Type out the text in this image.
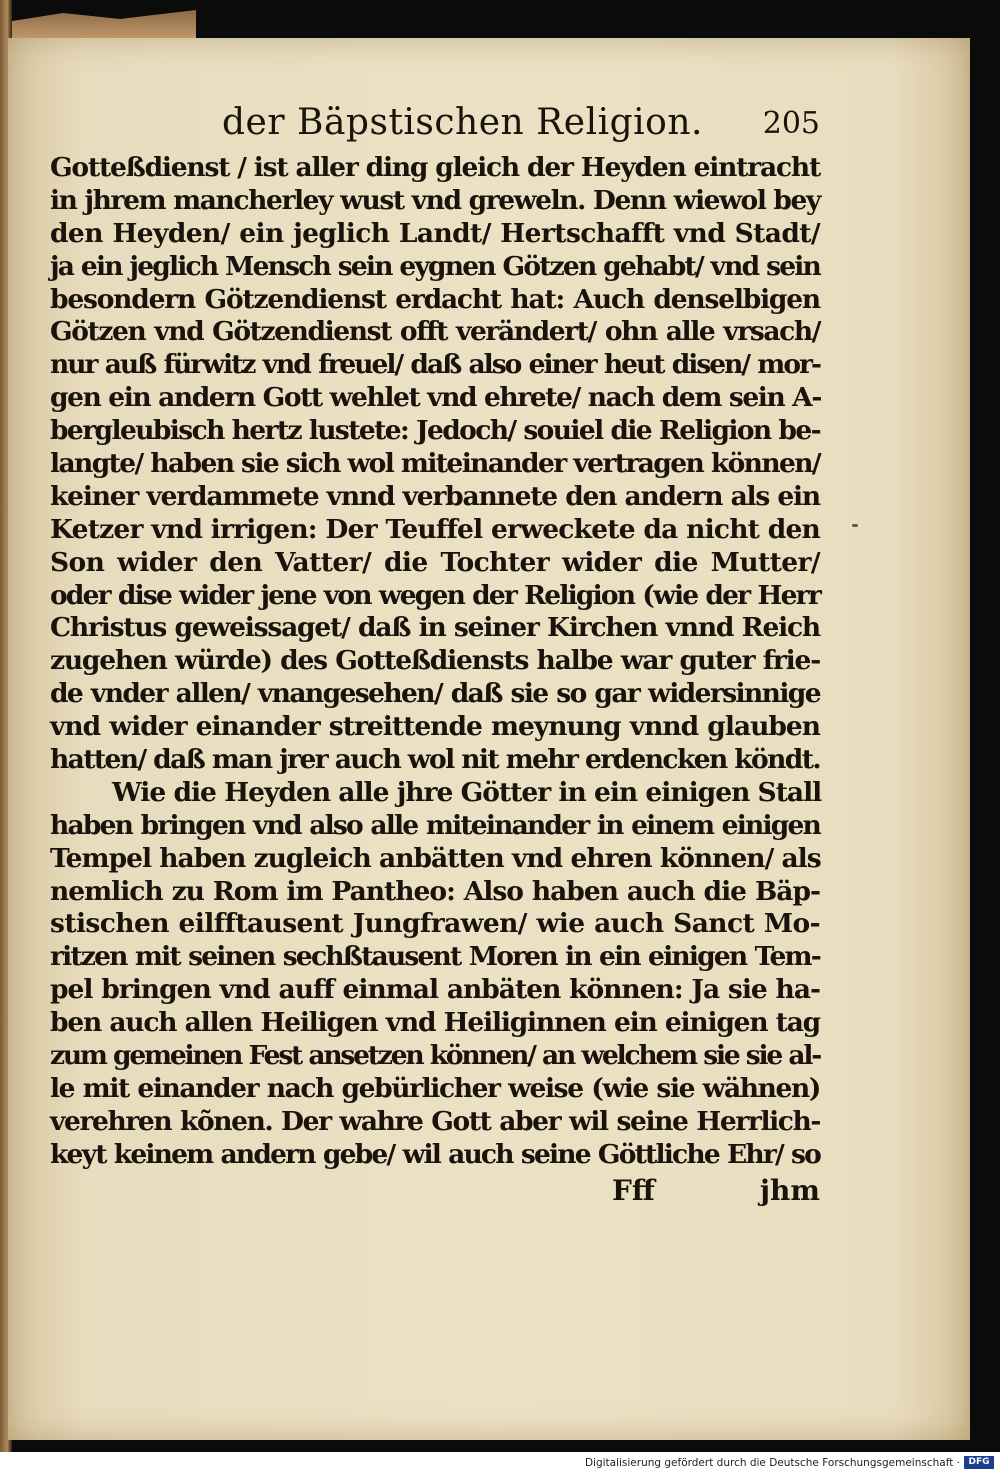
der Bäpstischen Religion. 205
Gotteßdienst / ist aller ding gleich der Heyden eintracht
in jhrem mancherley wust vnd greweln. Denn wiewol bey
den Heyden/ ein jeglich Landt/ Hertschafft vnd Stadt/
ja ein jeglich Mensch sein eygnen Götzen gehabt/ vnd sein
besondern Götzendienst erdacht hat: Auch denselbigen
Götzen vnd Götzendienst offt verändert/ ohn alle vrsach/
nur auß fürwitz vnd freuel/ daß also einer heut disen/ mor-
gen ein andern Gott wehlet vnd ehrete/ nach dem sein A-
bergleubisch hertz lustete: Jedoch/ souiel die Religion be-
langte/ haben sie sich wol miteinander vertragen können/
keiner verdammete vnnd verbannete den andern als ein
Ketzer vnd irrigen: Der Teuffel erweckete da nicht den
Son wider den Vatter/ die Tochter wider die Mutter/
oder dise wider jene von wegen der Religion (wie der Herr
Christus geweissaget/ daß in seiner Kirchen vnnd Reich
zugehen würde) des Gotteßdiensts halbe war guter frie-
de vnder allen/ vnangesehen/ daß sie so gar widersinnige
vnd wider einander streittende meynung vnnd glauben
hatten/ daß man jrer auch wol nit mehr erdencken köndt.
Wie die Heyden alle jhre Götter in ein einigen Stall
haben bringen vnd also alle miteinander in einem einigen
Tempel haben zugleich anbätten vnd ehren können/ als
nemlich zu Rom im Pantheo: Also haben auch die Bäp-
stischen eilfftausent Jungfrawen/ wie auch Sanct Mo-
ritzen mit seinen sechßtausent Moren in ein einigen Tem-
pel bringen vnd auff einmal anbäten können: Ja sie ha-
ben auch allen Heiligen vnd Heiliginnen ein einigen tag
zum gemeinen Fest ansetzen können/ an welchem sie sie al-
le mit einander nach gebürlicher weise (wie sie wähnen)
verehren kõnen. Der wahre Gott aber wil seine Herrlich-
keyt keinem andern gebe/ wil auch seine Göttliche Ehr/ so
Fff	jhm
Digitalisierung gefördert durch die Deutsche Forschungsgemeinschaft · DFG
